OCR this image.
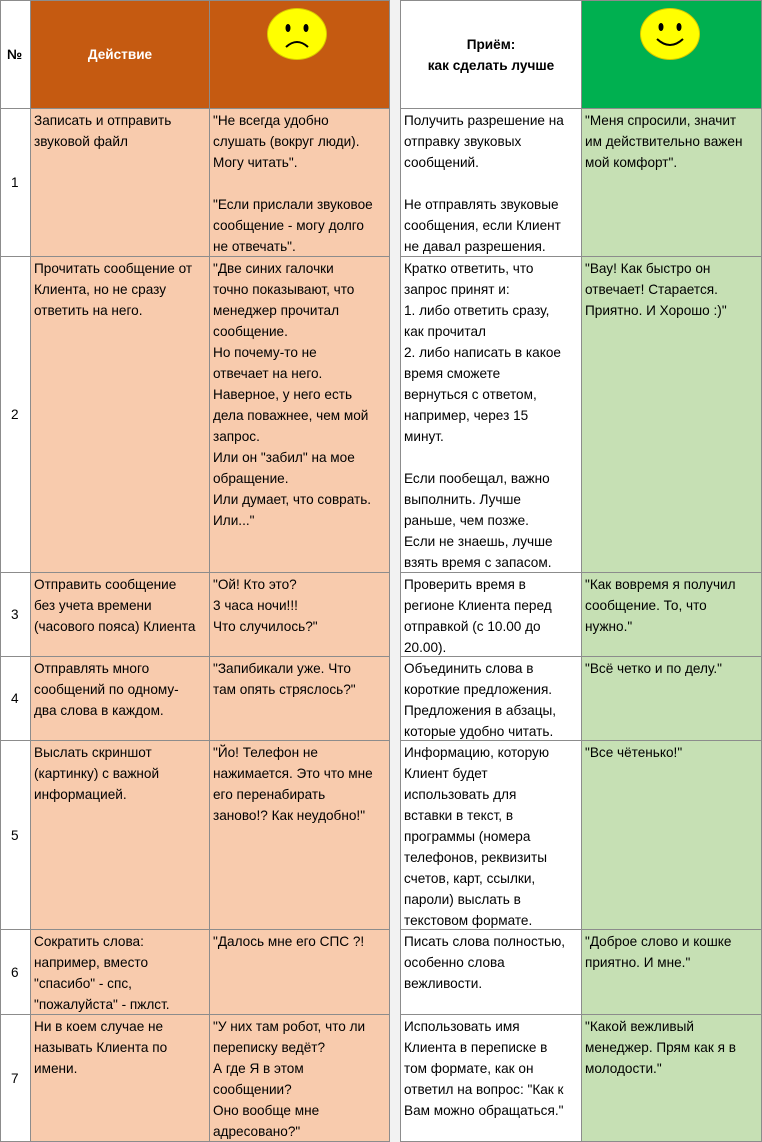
№	Действие

Приём:
как сделать лучше

1
Записать и отправить
звуковой файл
"Не всегда удобно
слушать (вокруг люди).
Могу читать".

"Если прислали звуковое
сообщение - могу долго
не отвечать".
Получить разрешение на
отправку звуковых
сообщений.

Не отправлять звуковые
сообщения, если Клиент
не давал разрешения.
"Меня спросили, значит
им действительно важен
мой комфорт".
2
Прочитать сообщение от
Клиента, но не сразу
ответить на него.
"Две синих галочки
точно показывают, что
менеджер прочитал
сообщение.
Но почему-то не
отвечает на него.
Наверное, у него есть
дела поважнее, чем мой
запрос.
Или он "забил" на мое
обращение.
Или думает, что соврать.
Или..."
Кратко ответить, что
запрос принят и:
1. либо ответить сразу,
как прочитал
2. либо написать в какое
время сможете
вернуться с ответом,
например, через 15
минут.

Если пообещал, важно
выполнить. Лучше
раньше, чем позже.
Если не знаешь, лучше
взять время с запасом.
"Вау! Как быстро он
отвечает! Старается.
Приятно. И Хорошо :)"
3
Отправить сообщение
без учета времени
(часового пояса) Клиента
"Ой! Кто это?
3 часа ночи!!!
Что случилось?"
Проверить время в
регионе Клиента перед
отправкой (с 10.00 до
20.00).
"Как вовремя я получил
сообщение. То, что
нужно."
4
Отправлять много
сообщений по одному-
два слова в каждом.
"Запибикали уже. Что
там опять стряслось?"
Объединить слова в
короткие предложения.
Предложения в абзацы,
которые удобно читать.
"Всё четко и по делу."
5
Выслать скриншот
(картинку) с важной
информацией.
"Йо! Телефон не
нажимается. Это что мне
его перенабирать
заново!? Как неудобно!"
Информацию, которую
Клиент будет
использовать для
вставки в текст, в
программы (номера
телефонов, реквизиты
счетов, карт, ссылки,
пароли) выслать в
текстовом формате.
"Все чётенько!"
6
Сократить слова:
например, вместо
"спасибо" - спс,
"пожалуйста" - пжлст.
"Далось мне его СПС ?!	Писать слова полностью,
особенно слова
вежливости.
"Доброе слово и кошке
приятно. И мне."
7
Ни в коем случае не
называть Клиента по
имени.
"У них там робот, что ли
переписку ведёт?
А где Я в этом
сообщении?
Оно вообще мне
адресовано?"
Использовать имя
Клиента в переписке в
том формате, как он
ответил на вопрос: "Как к
Вам можно обращаться."
"Какой вежливый
менеджер. Прям как я в
молодости."
